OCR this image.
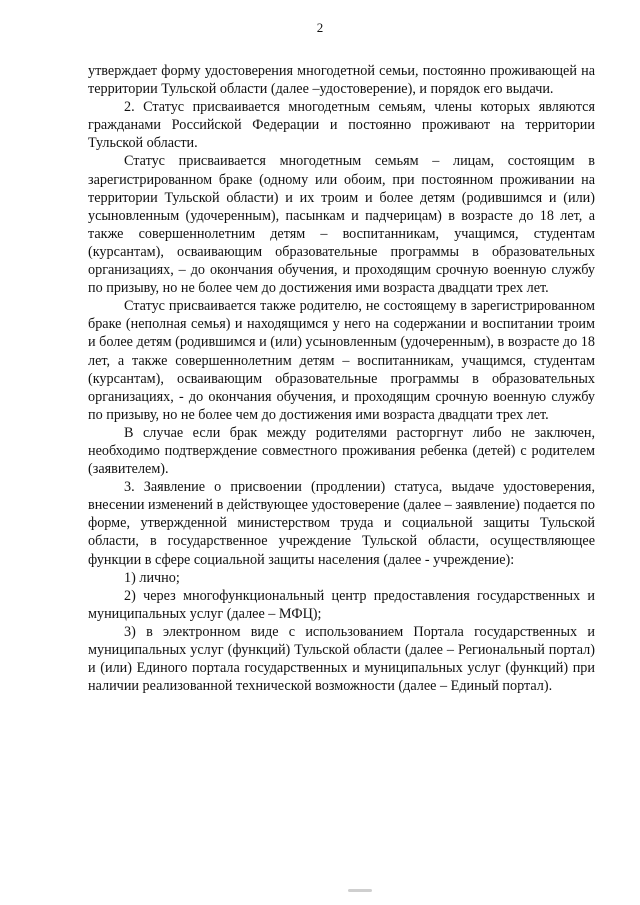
2

утверждает форму удостоверения многодетной семьи, постоянно проживающей на территории Тульской области (далее –удостоверение), и порядок его выдачи.

2. Статус присваивается многодетным семьям, члены которых являются гражданами Российской Федерации и постоянно проживают на территории Тульской области.

Статус присваивается многодетным семьям – лицам, состоящим в зарегистрированном браке (одному или обоим, при постоянном проживании на территории Тульской области) и их троим и более детям (родившимся и (или) усыновленным (удочеренным), пасынкам и падчерицам) в возрасте до 18 лет, а также совершеннолетним детям – воспитанникам, учащимся, студентам (курсантам), осваивающим образовательные программы в образовательных организациях, – до окончания обучения, и проходящим срочную военную службу по призыву, но не более чем до достижения ими возраста двадцати трех лет.

Статус присваивается также родителю, не состоящему в зарегистрированном браке (неполная семья) и находящимся у него на содержании и воспитании троим и более детям (родившимся и (или) усыновленным (удочеренным), в возрасте до 18 лет, а также совершеннолетним детям – воспитанникам, учащимся, студентам (курсантам), осваивающим образовательные программы в образовательных организациях, - до окончания обучения, и проходящим срочную военную службу по призыву, но не более чем до достижения ими возраста двадцати трех лет.

В случае если брак между родителями расторгнут либо не заключен, необходимо подтверждение совместного проживания ребенка (детей) с родителем (заявителем).

3. Заявление о присвоении (продлении) статуса, выдаче удостоверения, внесении изменений в действующее удостоверение (далее – заявление) подается по форме, утвержденной министерством труда и социальной защиты Тульской области, в государственное учреждение Тульской области, осуществляющее функции в сфере социальной защиты населения (далее - учреждение):

1) лично;

2) через многофункциональный центр предоставления государственных и муниципальных услуг (далее – МФЦ);

3) в электронном виде с использованием Портала государственных и муниципальных услуг (функций) Тульской области (далее – Региональный портал) и (или) Единого портала государственных и муниципальных услуг (функций) при наличии реализованной технической возможности (далее – Единый портал).
